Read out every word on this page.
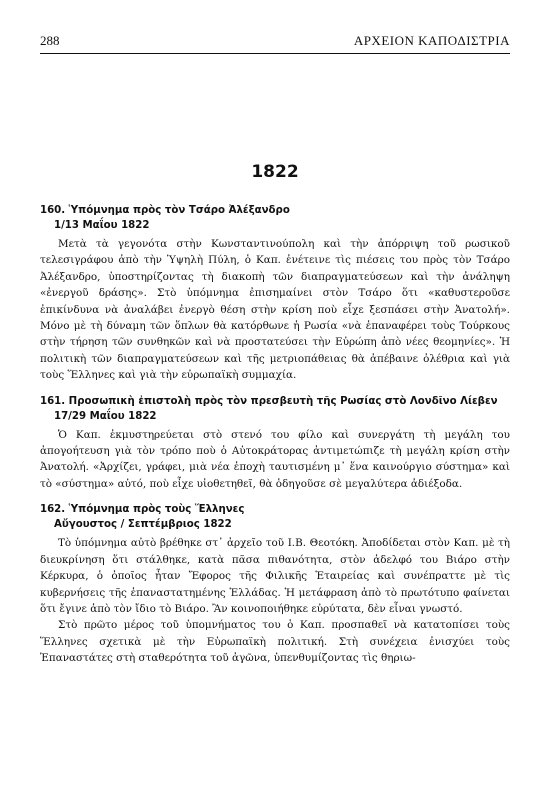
288	ΑΡΧΕΙΟΝ ΚΑΠΟΔΙΣΤΡΙΑ
1822
160. Ὑπόμνημα πρὸς τὸν Τσάρο Ἀλέξανδρο
1/13 Μαΐου 1822

Μετὰ τὰ γεγονότα στὴν Κωνσταντινούπολη καὶ τὴν ἀπόρριψη τοῦ ρωσικοῦ τελεσιγράφου ἀπὸ τὴν Ὑψηλὴ Πύλη, ὁ Καπ. ἐνέτεινε τὶς πιέσεις του πρὸς τὸν Τσάρο Ἀλέξανδρο, ὑποστηρίζοντας τὴ διακοπὴ τῶν διαπραγματεύσεων καὶ τὴν ἀνάληψη «ἐνεργοῦ δράσης». Στὸ ὑπόμνημα ἐπισημαίνει στὸν Τσάρο ὅτι «καθυστεροῦσε ἐπικίνδυνα νὰ ἀναλάβει ἐνεργὸ θέση στὴν κρίση ποὺ εἶχε ξεσπάσει στὴν Ἀνατολή». Μόνο μὲ τὴ δύναμη τῶν ὅπλων θὰ κατόρθωνε ἡ Ρωσία «νὰ ἐπαναφέρει τοὺς Τούρκους στὴν τήρηση τῶν συνθηκῶν καὶ νὰ προστατεύσει τὴν Εὐρώπη ἀπὸ νέες θεομηνίες». Ἡ πολιτικὴ τῶν διαπραγματεύσεων καὶ τῆς μετριοπάθειας θὰ ἀπέβαινε ὀλέθρια καὶ γιὰ τοὺς Ἕλληνες καὶ γιὰ τὴν εὐρωπαϊκὴ συμμαχία.

161. Προσωπικὴ ἐπιστολὴ πρὸς τὸν πρεσβευτὴ τῆς Ρωσίας στὸ Λονδῖνο Λίεβεν
17/29 Μαΐου 1822

Ὁ Καπ. ἐκμυστηρεύεται στὸ στενό του φίλο καὶ συνεργάτη τὴ μεγάλη του ἀπογοήτευση γιὰ τὸν τρόπο ποὺ ὁ Αὐτοκράτορας ἀντιμετώπιζε τὴ μεγάλη κρίση στὴν Ἀνατολή. «Ἀρχίζει, γράφει, μιὰ νέα ἐποχὴ ταυτισμένη μ᾿ ἕνα καινούργιο σύστημα» καὶ τὸ «σύστημα» αὐτό, ποὺ εἶχε υἱοθετηθεῖ, θὰ ὁδηγοῦσε σὲ μεγαλύτερα ἀδιέξοδα.

162. Ὑπόμνημα πρὸς τοὺς Ἕλληνες
Αὔγουστος / Σεπτέμβριος 1822

Τὸ ὑπόμνημα αὐτὸ βρέθηκε στ᾿ ἀρχεῖο τοῦ Ι.Β. Θεοτόκη. Ἀποδίδεται στὸν Καπ. μὲ τὴ διευκρίνηση ὅτι στάλθηκε, κατὰ πᾶσα πιθανότητα, στὸν ἀδελφό του Βιάρο στὴν Κέρκυρα, ὁ ὁποῖος ἦταν Ἔφορος τῆς Φιλικῆς Ἑταιρείας καὶ συνέπραττε μὲ τὶς κυβερνήσεις τῆς ἐπαναστατημένης Ἑλλάδας. Ἡ μετάφραση ἀπὸ τὸ πρωτότυπο φαίνεται ὅτι ἔγινε ἀπὸ τὸν ἴδιο τὸ Βιάρο. Ἂν κοινοποιήθηκε εὐρύτατα, δὲν εἶναι γνωστό.

Στὸ πρῶτο μέρος τοῦ ὑπομνήματος του ὁ Καπ. προσπαθεῖ νὰ κατατοπίσει τοὺς Ἕλληνες σχετικὰ μὲ τὴν Εὐρωπαϊκὴ πολιτική. Στὴ συνέχεια ἐνισχύει τοὺς Ἐπαναστάτες στὴ σταθερότητα τοῦ ἀγῶνα, ὑπενθυμίζοντας τὶς θηριω-
